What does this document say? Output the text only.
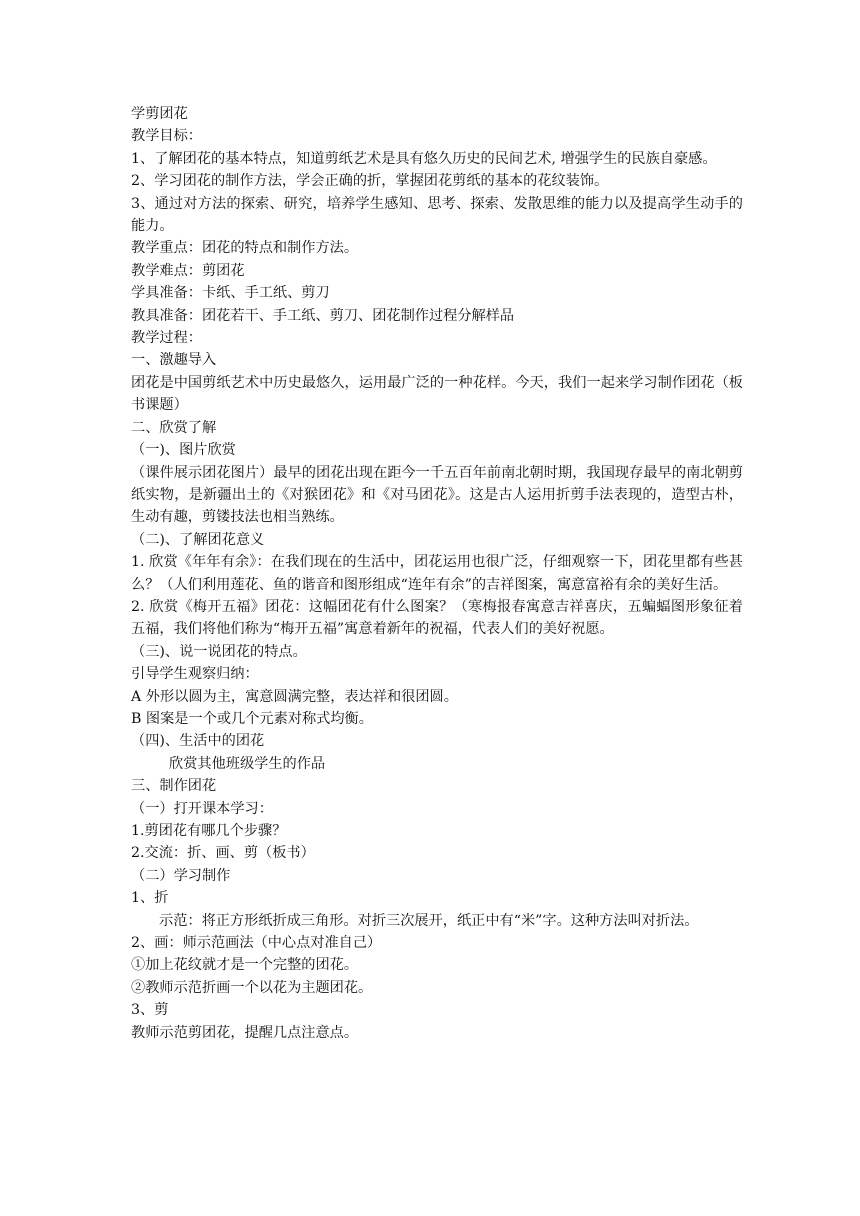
学剪团花

教学目标：

1、了解团花的基本特点，知道剪纸艺术是具有悠久历史的民间艺术, 增强学生的民族自豪感。

2、学习团花的制作方法，学会正确的折，掌握团花剪纸的基本的花纹装饰。

3、通过对方法的探索、研究，培养学生感知、思考、探索、发散思维的能力以及提高学生动手的能力。

教学重点：团花的特点和制作方法。

教学难点：剪团花

学具准备：卡纸、手工纸、剪刀

教具准备：团花若干、手工纸、剪刀、团花制作过程分解样品

教学过程：

一、激趣导入

团花是中国剪纸艺术中历史最悠久，运用最广泛的一种花样。今天，我们一起来学习制作团花（板书课题）

二、欣赏了解

（一)、图片欣赏

（课件展示团花图片）最早的团花出现在距今一千五百年前南北朝时期，我国现存最早的南北朝剪纸实物，是新疆出土的《对猴团花》和《对马团花》。这是古人运用折剪手法表现的，造型古朴，生动有趣，剪镂技法也相当熟练。

（二)、了解团花意义

1. 欣赏《年年有余》：在我们现在的生活中，团花运用也很广泛，仔细观察一下，团花里都有些甚么？（人们利用莲花、鱼的谐音和图形组成“连年有余”的吉祥图案，寓意富裕有余的美好生活。

2. 欣赏《梅开五福》团花：这幅团花有什么图案？（寒梅报春寓意吉祥喜庆，五蝙蝠图形象征着五福，我们将他们称为“梅开五福”寓意着新年的祝福，代表人们的美好祝愿。

（三)、说一说团花的特点。

引导学生观察归纳：

A 外形以圆为主，寓意圆满完整，表达祥和很团圆。

B 图案是一个或几个元素对称式均衡。

（四)、生活中的团花

欣赏其他班级学生的作品

三、制作团花

（一）打开课本学习：

1.剪团花有哪几个步骤？

2.交流：折、画、剪（板书）

（二）学习制作

1、折

示范：将正方形纸折成三角形。对折三次展开，纸正中有“米”字。这种方法叫对折法。

2、画：师示范画法（中心点对准自己）

①加上花纹就才是一个完整的团花。

②教师示范折画一个以花为主题团花。

3、剪

教师示范剪团花，提醒几点注意点。
